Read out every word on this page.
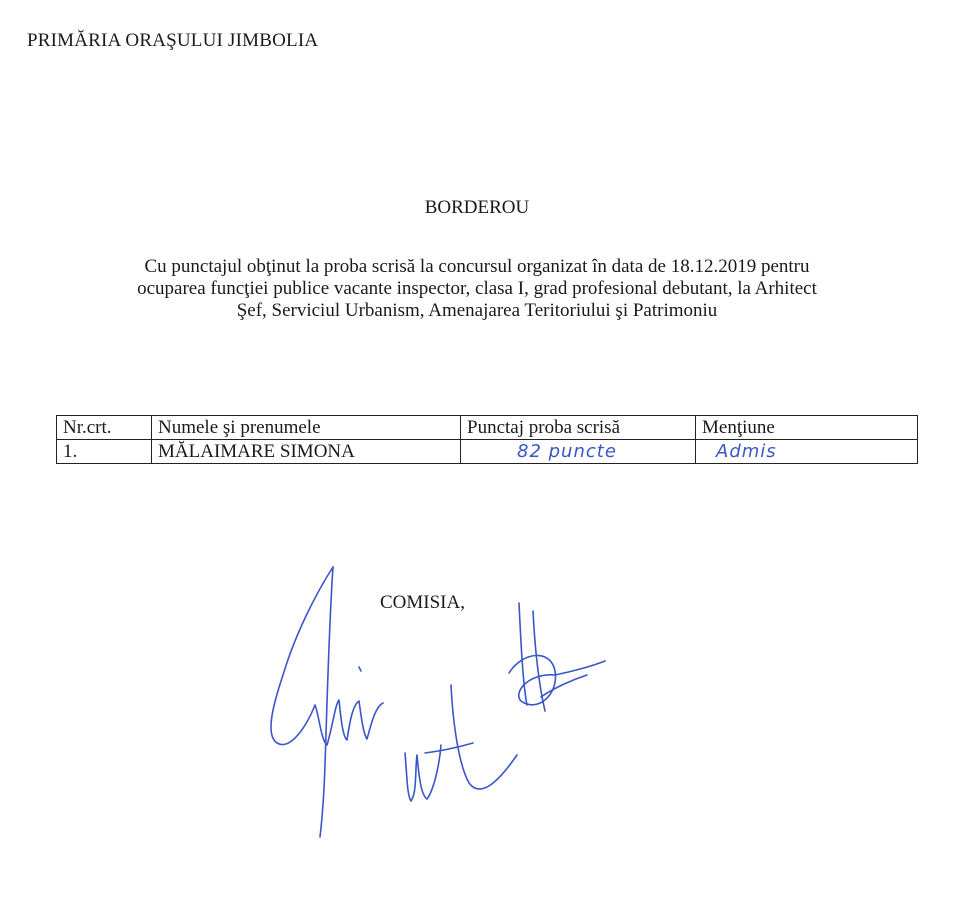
PRIMĂRIA ORAŞULUI JIMBOLIA
BORDEROU
Cu punctajul obţinut la proba scrisă la concursul organizat în data de 18.12.2019 pentru
ocuparea funcţiei publice vacante inspector, clasa I, grad profesional debutant, la Arhitect
Şef, Serviciul Urbanism, Amenajarea Teritoriului şi Patrimoniu
Nr.crt.	Numele şi prenumele	Punctaj proba scrisă	Menţiune
1.	MĂLAIMARE SIMONA	82 puncte	Admis
COMISIA,
